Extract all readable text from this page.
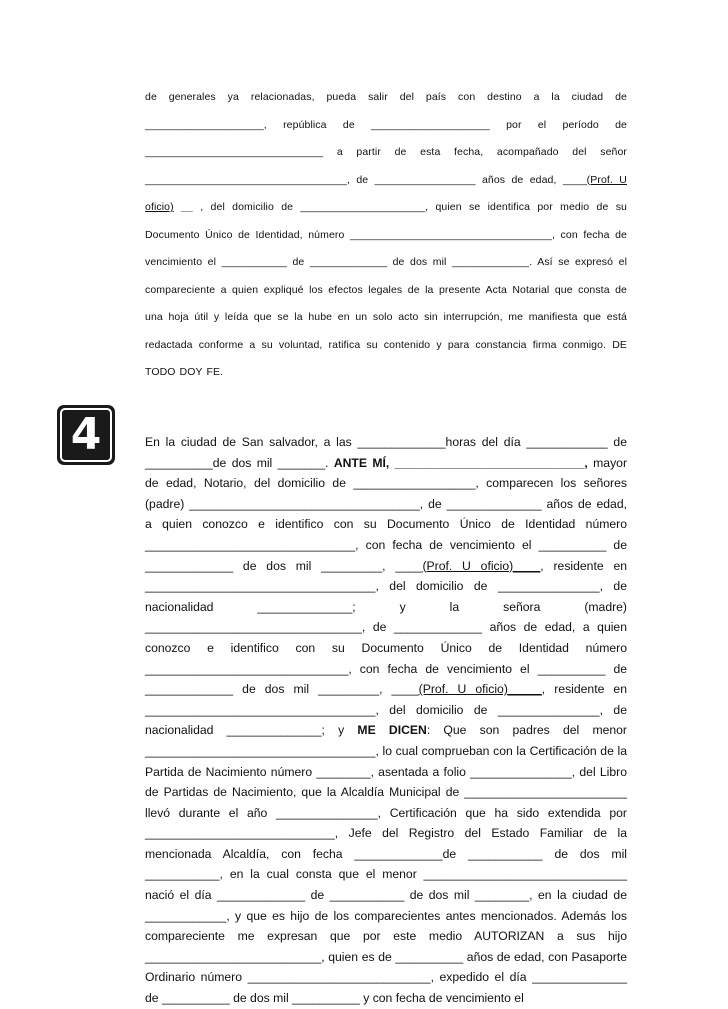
de generales ya relacionadas, pueda salir del país con destino a la ciudad de ____________________, república de ____________________ por el período de ______________________________ a partir de esta fecha, acompañado del señor __________________________________, de _________________ años de edad, ____(Prof. U oficio) __ , del domicilio de _____________________, quien se identifica por medio de su Documento Único de Identidad, número __________________________________, con fecha de vencimiento el ___________ de _____________ de dos mil _____________. Así se expresó el compareciente a quien expliqué los efectos legales de la presente Acta Notarial que consta de una hoja útil y leída que se la hube en un solo acto sin interrupción, me manifiesta que está redactada conforme a su voluntad, ratifica su contenido y para constancia firma conmigo. DE TODO DOY FE.

4	En la ciudad de San salvador, a las _____________horas del día ____________ de __________de dos mil _______. ANTE MÍ, ____________________________, mayor de edad, Notario, del domicilio de __________________, comparecen los señores (padre) __________________________________, de ______________ años de edad, a quien conozco e identifico con su Documento Único de Identidad número _______________________________, con fecha de vencimiento el __________ de _____________ de dos mil _________, ____(Prof. U oficio)____, residente en __________________________________, del domicilio de _______________, de nacionalidad ______________; y la señora (madre) ________________________________, de _____________ años de edad, a quien conozco e identifico con su Documento Único de Identidad número ______________________________, con fecha de vencimiento el __________ de _____________ de dos mil _________, ____(Prof. U oficio)_____, residente en __________________________________, del domicilio de _______________, de nacionalidad ______________; y ME DICEN: Que son padres del menor __________________________________, lo cual comprueban con la Certificación de la Partida de Nacimiento número ________, asentada a folio _______________, del Libro de Partidas de Nacimiento, que la Alcaldía Municipal de ________________________ llevó durante el año _______________, Certificación que ha sido extendida por ____________________________, Jefe del Registro del Estado Familiar de la mencionada Alcaldía, con fecha _____________de ___________ de dos mil ___________, en la cual consta que el menor ______________________________ nació el día _____________ de ___________ de dos mil ________, en la ciudad de ____________, y que es hijo de los comparecientes antes mencionados. Además los compareciente me expresan que por este medio AUTORIZAN a sus hijo __________________________, quien es de __________ años de edad, con Pasaporte Ordinario número ___________________________, expedido el día ______________ de __________ de dos mil __________ y con fecha de vencimiento el
